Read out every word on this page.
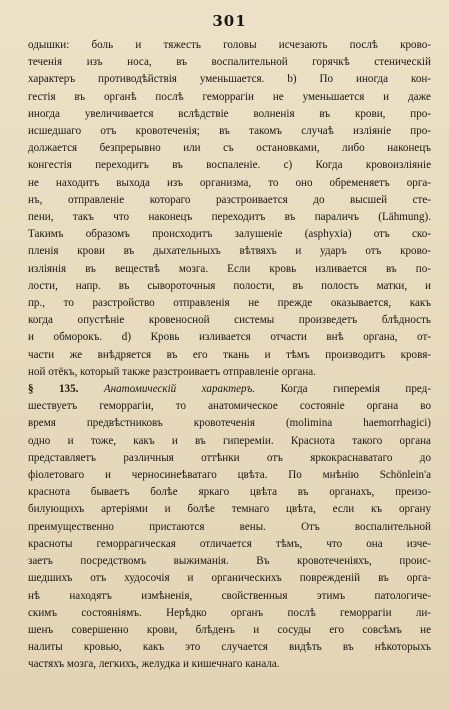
301
одышки: боль и тяжесть головы исчезають послѣ крово-
теченія изъ носа, въ воспалительной горячкѣ стеническій
характеръ противодѣйствія уменьшается. b) По иногда кон-
гестія въ органѣ послѣ геморрагіи не уменьшается и даже
иногда увеличивается вслѣдствіе волненія въ крови, про-
исшедшаго отъ кровотеченія; въ такомъ случаѣ изліяніе про-
должается безпрерывно или съ остановками, либо наконецъ
конгестія переходитъ въ воспаленіе. c) Когда кровоизліяніе
не находитъ выхода изъ организма, то оно обременяетъ орга-
нъ, отправленіе котораго разстроивается до высшей сте-
пени, такъ что наконецъ переходитъ въ параличъ (Lähmung).
Такимъ образомъ происходитъ залушеніе (asphyxia) отъ ско-
пленія крови въ дыхательныхъ вѣтвяхъ и ударъ отъ крово-
изліянія въ веществѣ мозга. Если кровь изливается въ по-
лости, напр. въ сывороточныя полости, въ полость матки, и
пр., то разстройство отправленія не прежде оказывается, какъ
когда опустѣніе кровеносной системы произведетъ блѣдность
и обморокъ. d) Кровь изливается отчасти внѣ органа, от-
части же внѣдряется въ его ткань и тѣмъ производитъ кровя-
ной отёкъ, который также разстроиваетъ отправленіе органа.
§ 135. Анатомическій характеръ. Когда гиперемія пред-
шествуетъ геморрагіи, то анатомическое состояніе органа во
время предвѣстниковъ кровотеченія (molimina haemorrhagici)
одно и тоже, какъ и въ гипереміи. Краснота такого органа
представляетъ различныя оттѣнки отъ яркокраснаватаго до
фіолетоваго и черносинеѣватаго цвѣта. По мнѣнію Schönlein'a
краснота бываетъ болѣе яркаго цвѣта въ органахъ, преизо-
билующихъ артеріями и болѣе темнаго цвѣта, если къ органу
преимущественно пристаются вены. Отъ воспалительной
красноты геморрагическая отличается тѣмъ, что она изче-
заетъ посредствомъ выжиманія. Въ кровотеченіяхъ, проис-
шедшихъ отъ худосочія и органическихъ поврежденій въ орга-
нѣ находятъ измѣненія, свойственныя этимъ патологиче-
скимъ состояніямъ. Нерѣдко органъ послѣ геморрагіи ли-
шенъ совершенно крови, блѣденъ и сосуды его совсѣмъ не
налиты кровью, какъ это случается видѣть въ нѣкоторыхъ
частяхъ мозга, легкихъ, желудка и кишечнаго канала.
